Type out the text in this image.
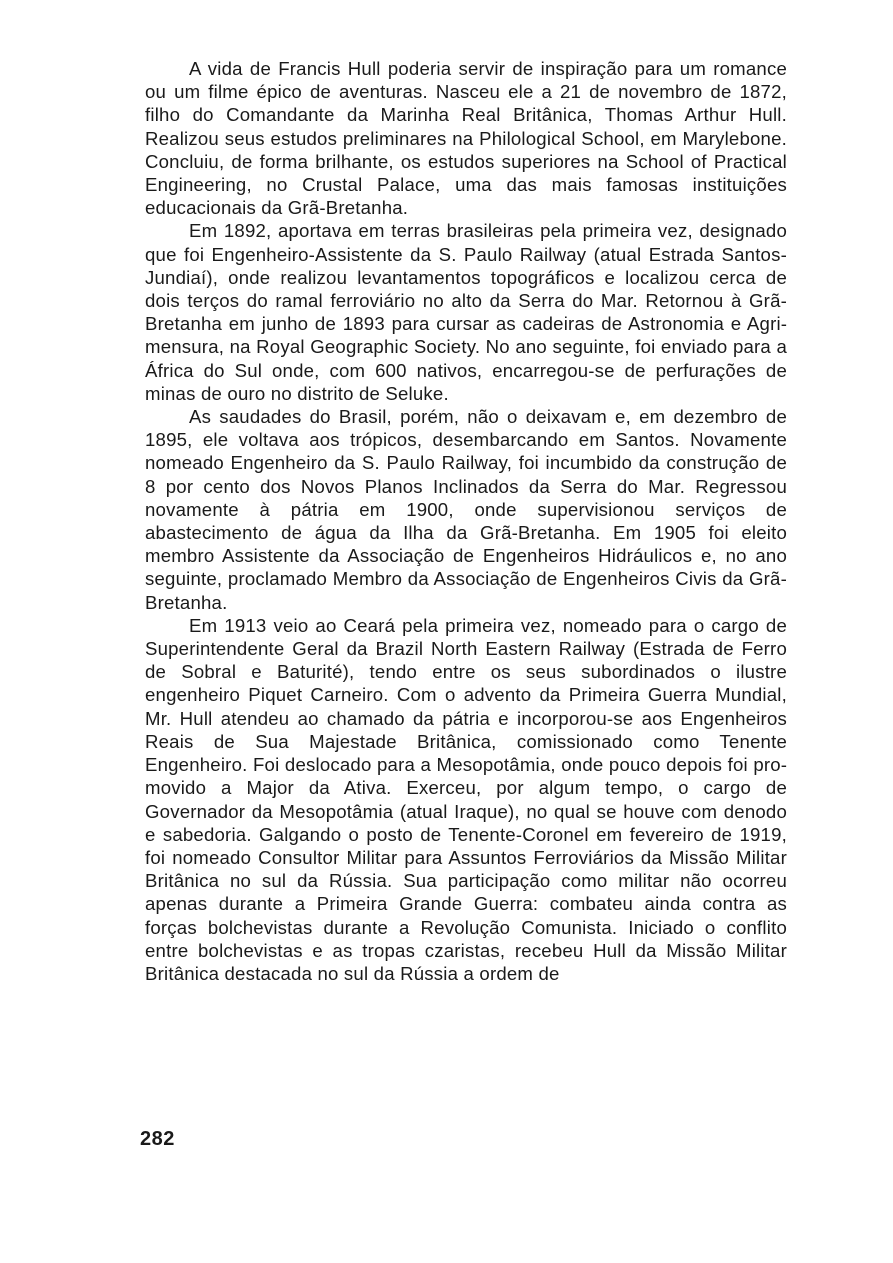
A vida de Francis Hull poderia servir de inspiração para um romance ou um filme épico de aventuras. Nasceu ele a 21 de novembro de 1872, filho do Comandante da Marinha Real Britânica, Thomas Arthur Hull. Realizou seus estudos preliminares na Philological School, em Marylebone. Concluiu, de forma brilhante, os estudos superiores na School of Practical Engineering, no Crustal Palace, uma das mais famosas instituições educacionais da Grã-Bretanha.

Em 1892, aportava em terras brasileiras pela primeira vez, designado que foi Engenheiro-Assistente da S. Paulo Railway (atual Estrada Santos-Jundiaí), onde realizou levantamentos topográficos e localizou cerca de dois terços do ramal ferroviário no alto da Serra do Mar. Retornou à Grã-Bretanha em junho de 1893 para cursar as cadeiras de Astronomia e Agrimensura, na Royal Geographic Society. No ano seguinte, foi enviado para a África do Sul onde, com 600 nativos, encarregou-se de perfurações de minas de ouro no distrito de Seluke.

As saudades do Brasil, porém, não o deixavam e, em dezembro de 1895, ele voltava aos trópicos, desembarcando em Santos. Novamente nomeado Engenheiro da S. Paulo Railway, foi incumbido da construção de 8 por cento dos Novos Planos Inclinados da Serra do Mar. Regressou novamente à pátria em 1900, onde supervisionou serviços de abastecimento de água da Ilha da Grã-Bretanha. Em 1905 foi eleito membro Assistente da Associação de Engenheiros Hidráulicos e, no ano seguinte, proclamado Membro da Associação de Engenheiros Civis da Grã-Bretanha.

Em 1913 veio ao Ceará pela primeira vez, nomeado para o cargo de Superintendente Geral da Brazil North Eastern Railway (Estrada de Ferro de Sobral e Baturité), tendo entre os seus subordinados o ilustre engenheiro Piquet Carneiro. Com o advento da Primeira Guerra Mundial, Mr. Hull atendeu ao chamado da pátria e incorporou-se aos Engenheiros Reais de Sua Majestade Britânica, comissionado como Tenente Engenheiro. Foi deslocado para a Mesopotâmia, onde pouco depois foi promovido a Major da Ativa. Exerceu, por algum tempo, o cargo de Governador da Mesopotâmia (atual Iraque), no qual se houve com denodo e sabedoria. Galgando o posto de Tenente-Coronel em fevereiro de 1919, foi nomeado Consultor Militar para Assuntos Ferroviários da Missão Militar Britânica no sul da Rússia. Sua participação como militar não ocorreu apenas durante a Primeira Grande Guerra: combateu ainda contra as forças bolchevistas durante a Revolução Comunista. Iniciado o conflito entre bolchevistas e as tropas czaristas, recebeu Hull da Missão Militar Britânica destacada no sul da Rússia a ordem de

282
